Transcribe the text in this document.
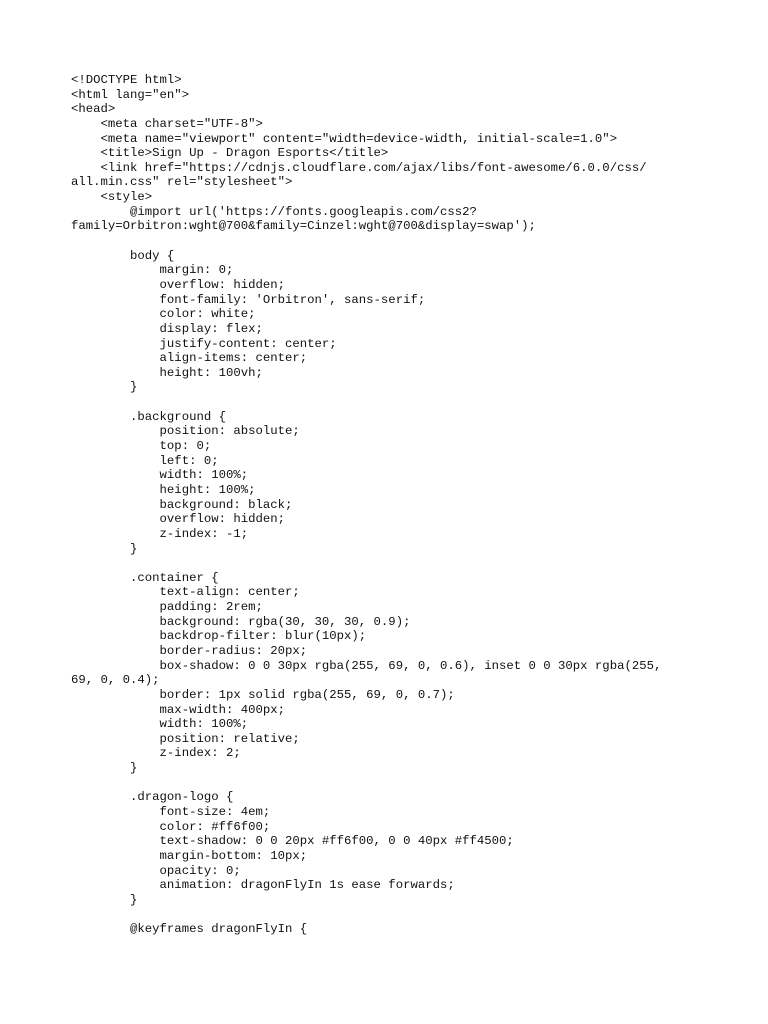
<!DOCTYPE html>
<html lang="en">
<head>
<meta charset="UTF-8">
<meta name="viewport" content="width=device-width, initial-scale=1.0">
<title>Sign Up - Dragon Esports</title>
<link href="https://cdnjs.cloudflare.com/ajax/libs/font-awesome/6.0.0/css/
all.min.css" rel="stylesheet">
<style>
@import url('https://fonts.googleapis.com/css2?
family=Orbitron:wght@700&family=Cinzel:wght@700&display=swap');
body {
margin: 0;
overflow: hidden;
font-family: 'Orbitron', sans-serif;
color: white;
display: flex;
justify-content: center;
align-items: center;
height: 100vh;
}
.background {
position: absolute;
top: 0;
left: 0;
width: 100%;
height: 100%;
background: black;
overflow: hidden;
z-index: -1;
}
.container {
text-align: center;
padding: 2rem;
background: rgba(30, 30, 30, 0.9);
backdrop-filter: blur(10px);
border-radius: 20px;
box-shadow: 0 0 30px rgba(255, 69, 0, 0.6), inset 0 0 30px rgba(255,
69, 0, 0.4);
border: 1px solid rgba(255, 69, 0, 0.7);
max-width: 400px;
width: 100%;
position: relative;
z-index: 2;
}
.dragon-logo {
font-size: 4em;
color: #ff6f00;
text-shadow: 0 0 20px #ff6f00, 0 0 40px #ff4500;
margin-bottom: 10px;
opacity: 0;
animation: dragonFlyIn 1s ease forwards;
}
@keyframes dragonFlyIn {
